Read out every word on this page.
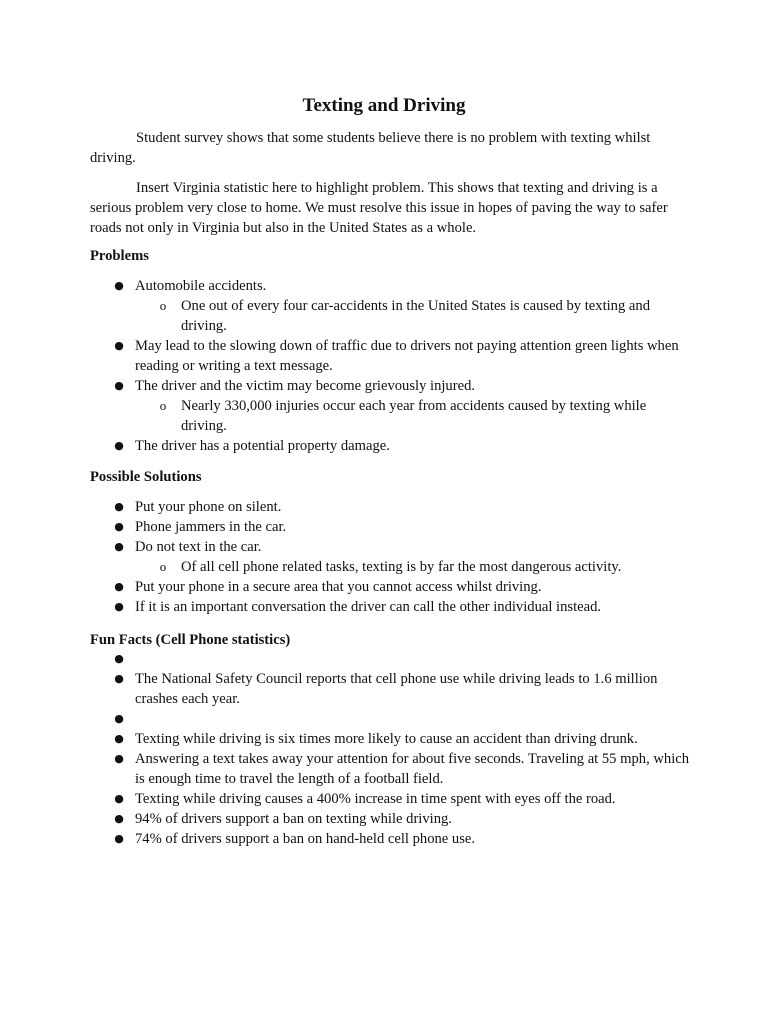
Texting and Driving

Student survey shows that some students believe there is no problem with texting whilst driving.

Insert Virginia statistic here to highlight problem. This shows that texting and driving is a serious problem very close to home. We must resolve this issue in hopes of paving the way to safer roads not only in Virginia but also in the United States as a whole.

Problems

● Automobile accidents.
o One out of every four car-accidents in the United States is caused by texting and driving.
● May lead to the slowing down of traffic due to drivers not paying attention green lights when reading or writing a text message.
● The driver and the victim may become grievously injured.
o Nearly 330,000 injuries occur each year from accidents caused by texting while driving.
● The driver has a potential property damage.

Possible Solutions

● Put your phone on silent.
● Phone jammers in the car.
● Do not text in the car.
o Of all cell phone related tasks, texting is by far the most dangerous activity.
● Put your phone in a secure area that you cannot access whilst driving.
● If it is an important conversation the driver can call the other individual instead.

Fun Facts (Cell Phone statistics)

●
● The National Safety Council reports that cell phone use while driving leads to 1.6 million crashes each year.
●
● Texting while driving is six times more likely to cause an accident than driving drunk.
● Answering a text takes away your attention for about five seconds. Traveling at 55 mph, which is enough time to travel the length of a football field.
● Texting while driving causes a 400% increase in time spent with eyes off the road.
● 94% of drivers support a ban on texting while driving.
● 74% of drivers support a ban on hand-held cell phone use.
